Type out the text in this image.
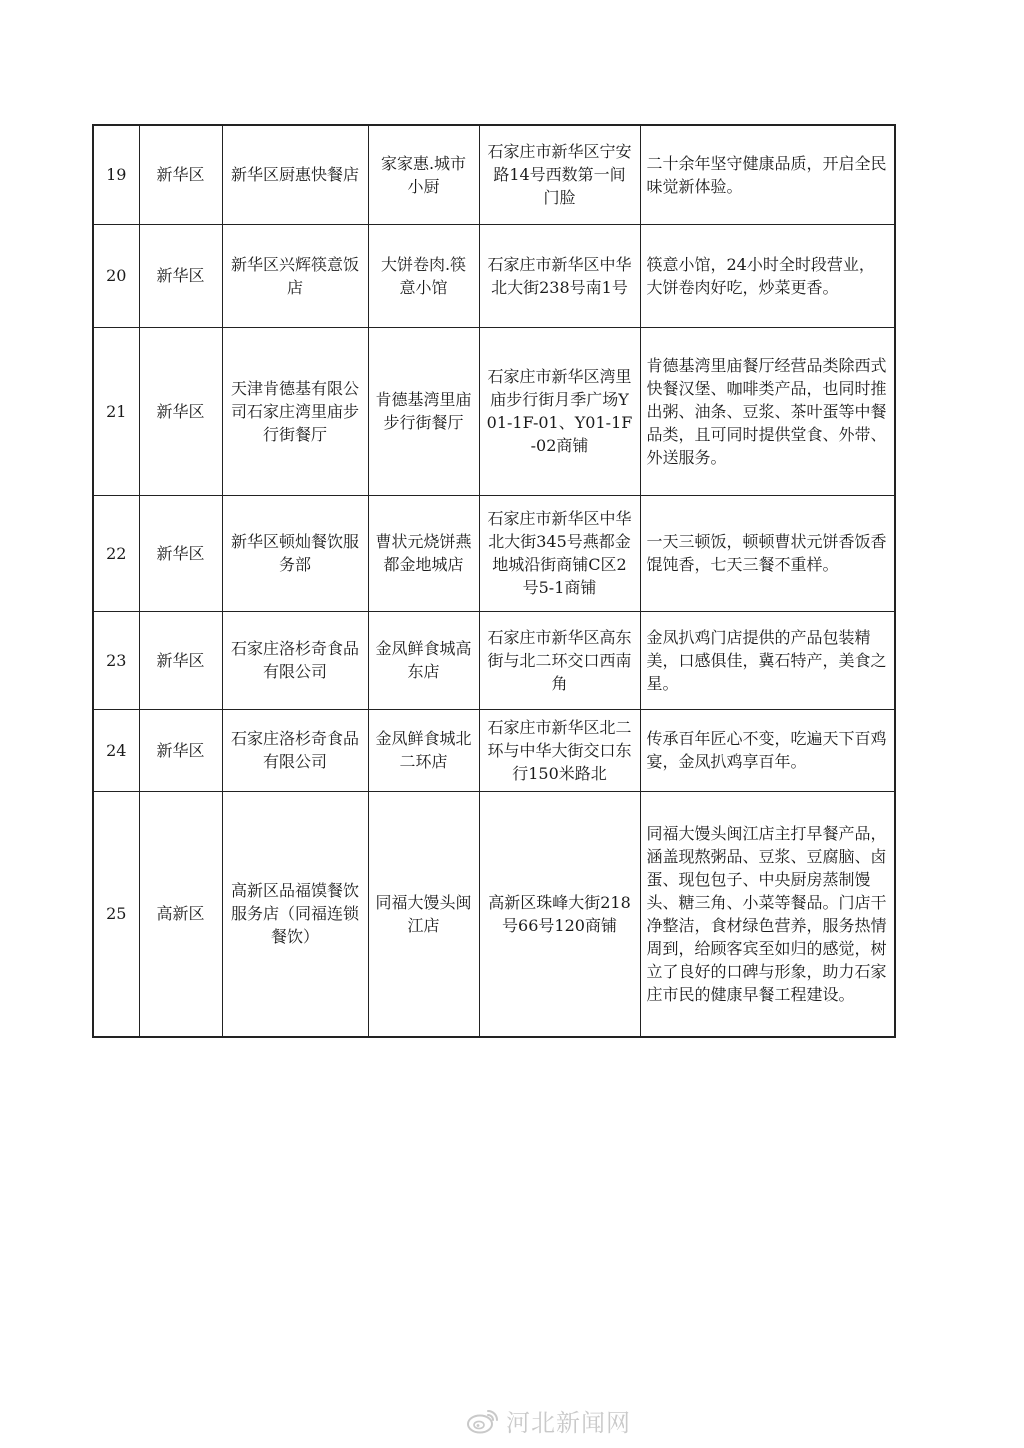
19	新华区	新华区厨惠快餐店	家家惠.城市小厨	石家庄市新华区宁安路14号西数第一间门脸	二十余年坚守健康品质，开启全民味觉新体验。
20	新华区	新华区兴辉筷意饭店	大饼卷肉.筷意小馆	石家庄市新华区中华北大街238号南1号	筷意小馆，24小时全时段营业，大饼卷肉好吃，炒菜更香。
21	新华区	天津肯德基有限公司石家庄湾里庙步行街餐厅	肯德基湾里庙步行街餐厅	石家庄市新华区湾里庙步行街月季广场Y01-1F-01、Y01-1F-02商铺	肯德基湾里庙餐厅经营品类除西式快餐汉堡、咖啡类产品，也同时推出粥、油条、豆浆、茶叶蛋等中餐品类，且可同时提供堂食、外带、外送服务。
22	新华区	新华区顿灿餐饮服务部	曹状元烧饼燕都金地城店	石家庄市新华区中华北大街345号燕都金地城沿街商铺C区2号5-1商铺	一天三顿饭，顿顿曹状元饼香饭香馄饨香，七天三餐不重样。
23	新华区	石家庄洛杉奇食品有限公司	金凤鲜食城高东店	石家庄市新华区高东街与北二环交口西南角	金凤扒鸡门店提供的产品包装精美，口感俱佳，冀石特产，美食之星。
24	新华区	石家庄洛杉奇食品有限公司	金凤鲜食城北二环店	石家庄市新华区北二环与中华大街交口东行150米路北	传承百年匠心不变，吃遍天下百鸡宴，金凤扒鸡享百年。
25	高新区	高新区品福馍餐饮服务店（同福连锁餐饮）	同福大馒头闽江店	高新区珠峰大街218号66号120商铺	同福大馒头闽江店主打早餐产品，涵盖现熬粥品、豆浆、豆腐脑、卤蛋、现包包子、中央厨房蒸制馒头、糖三角、小菜等餐品。门店干净整洁，食材绿色营养，服务热情周到，给顾客宾至如归的感觉，树立了良好的口碑与形象，助力石家庄市民的健康早餐工程建设。
河北新闻网
